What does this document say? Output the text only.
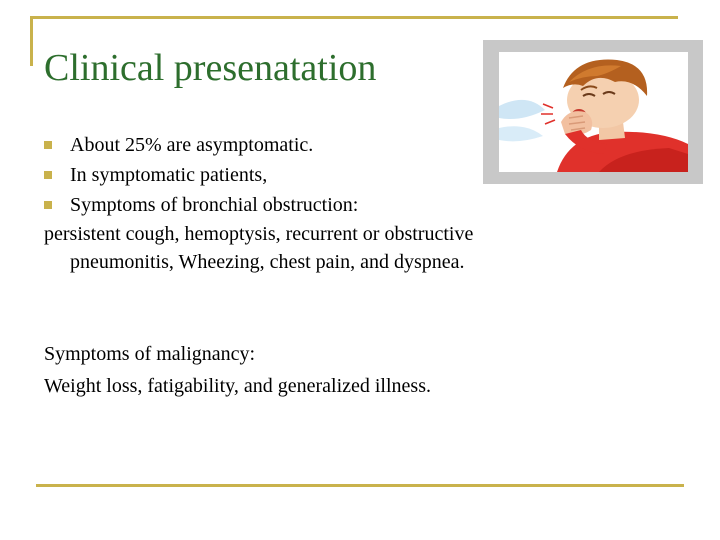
Clinical presenatation
About 25% are asymptomatic.
In symptomatic patients,
Symptoms of bronchial obstruction:
persistent cough, hemoptysis, recurrent or obstructive
pneumonitis, Wheezing, chest pain, and dyspnea.
Symptoms of malignancy:
Weight loss, fatigability, and generalized illness.
